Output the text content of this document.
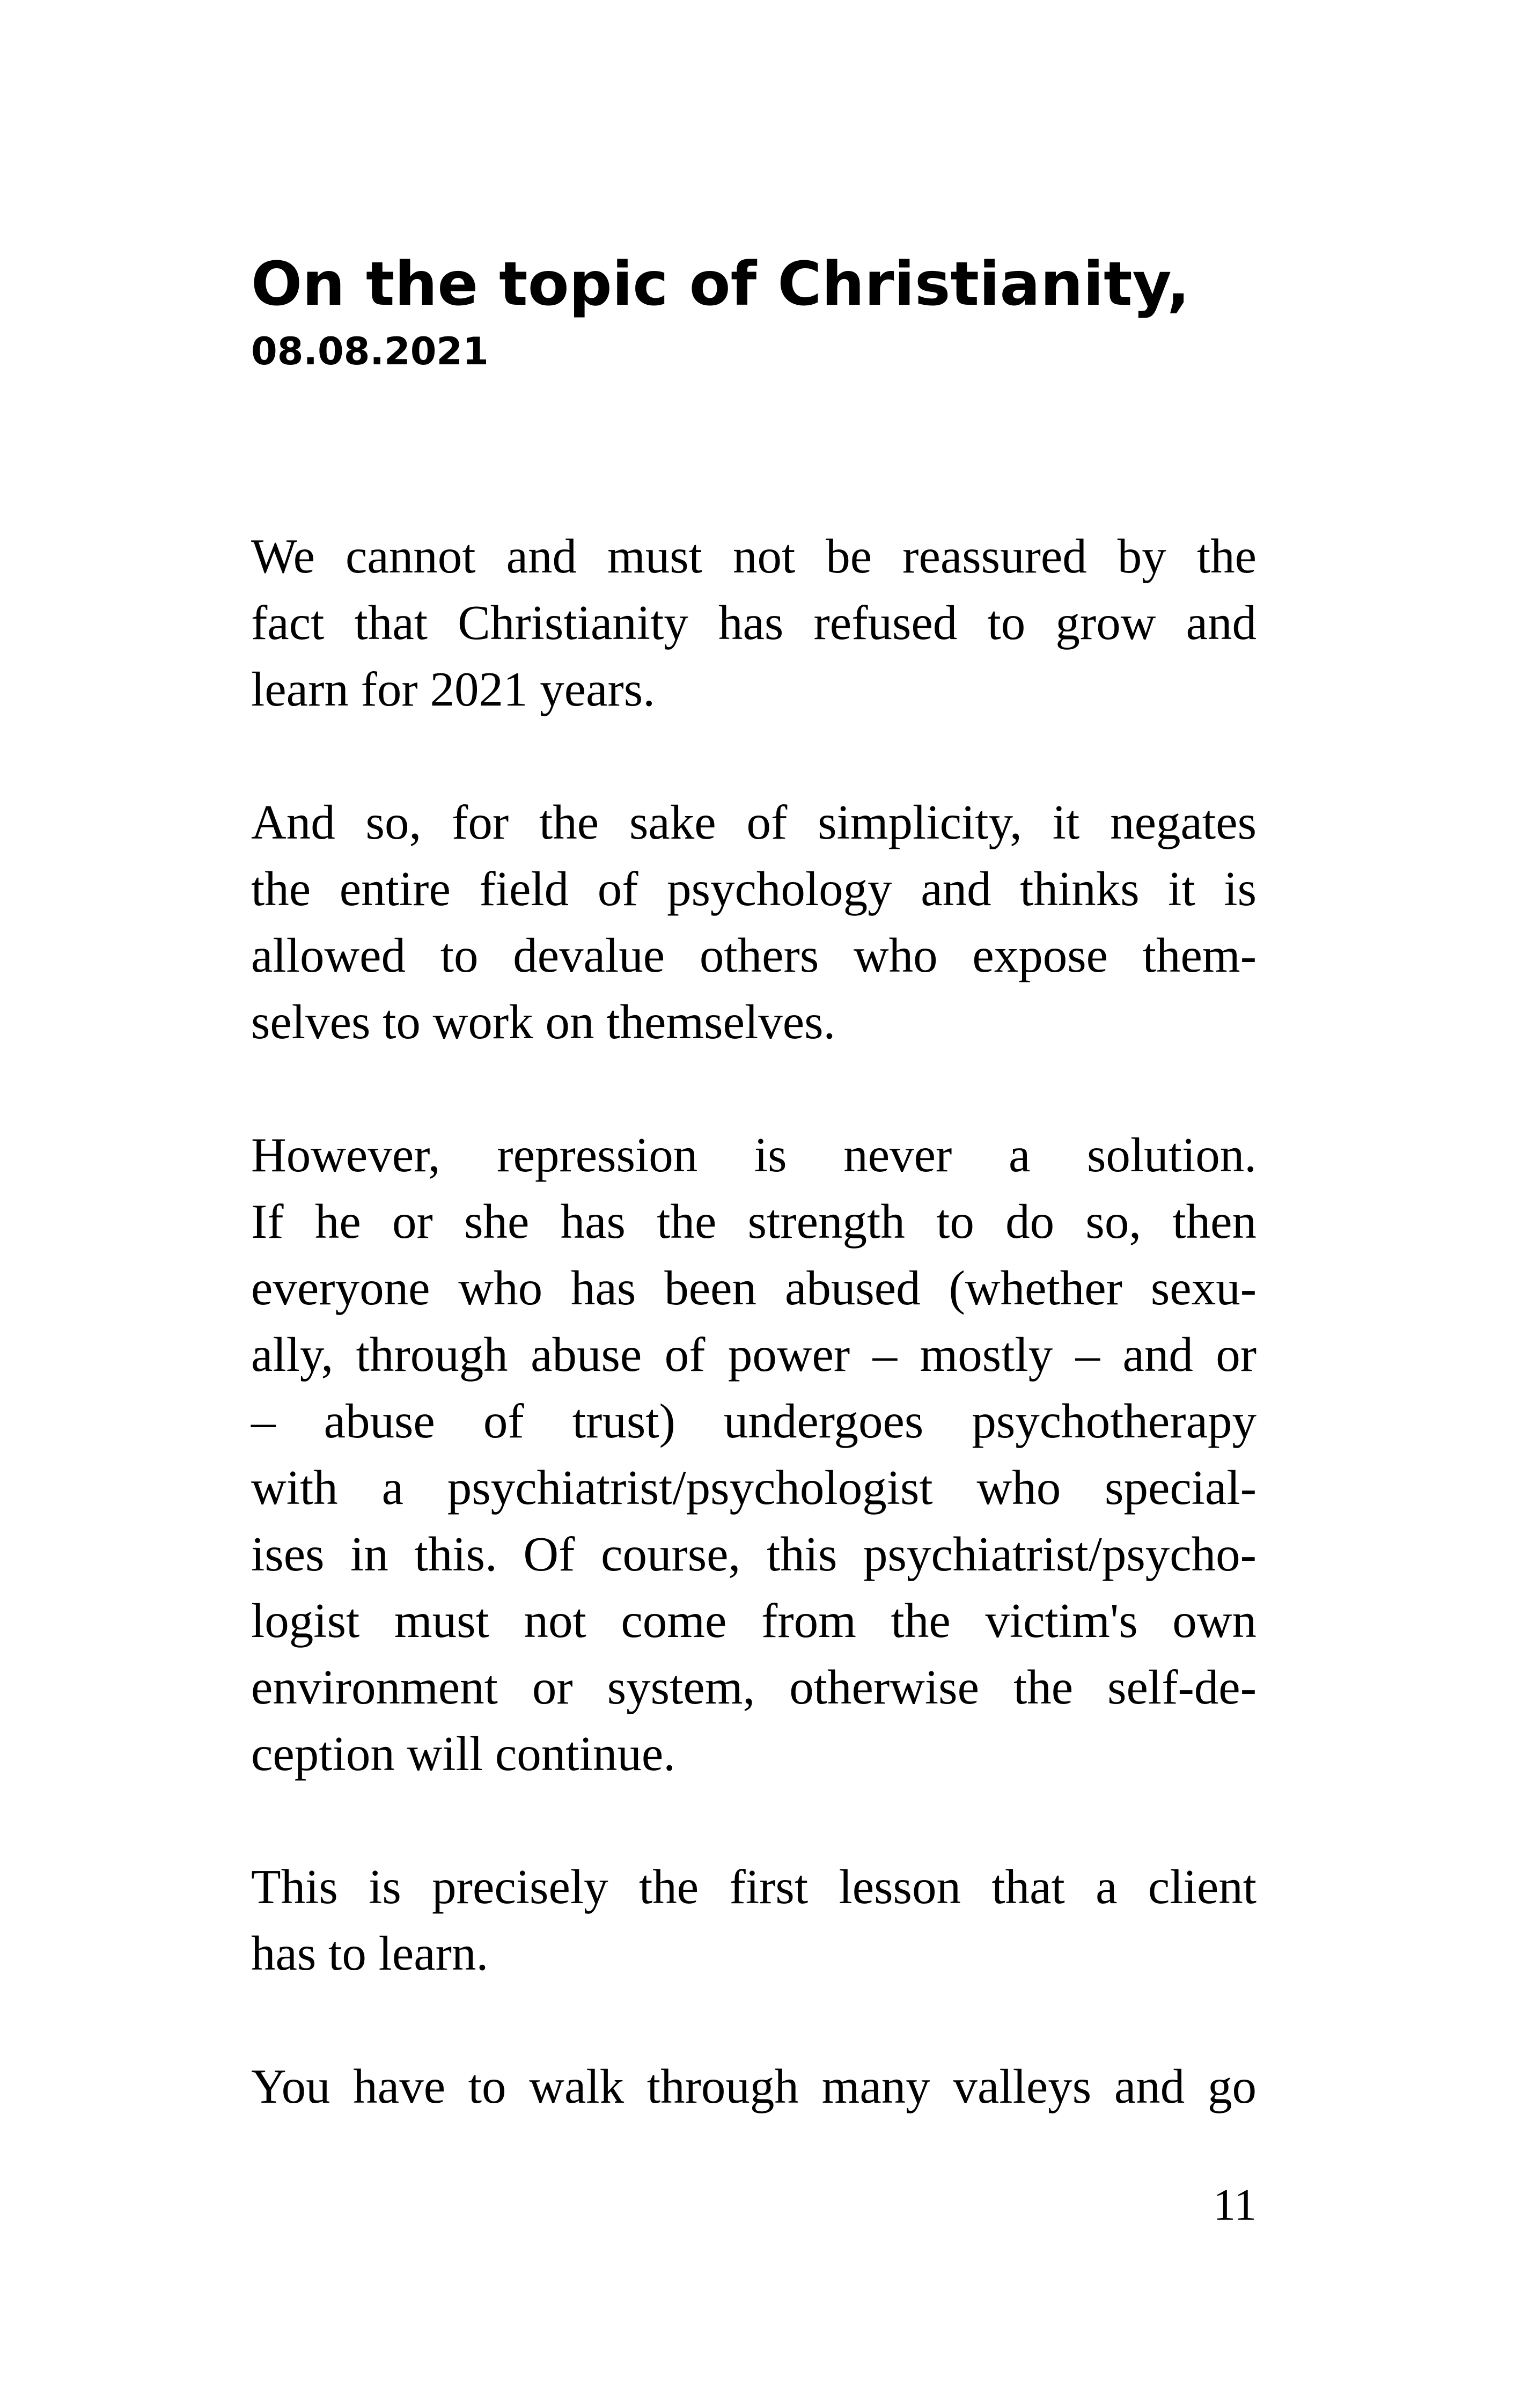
On the topic of Christianity,
08.08.2021

We cannot and must not be reassured by the
fact that Christianity has refused to grow and
learn for 2021 years.

And so, for the sake of simplicity, it negates
the entire field of psychology and thinks it is
allowed to devalue others who expose them-
selves to work on themselves.

However, repression is never a solution.
If he or she has the strength to do so, then
everyone who has been abused (whether sexu-
ally, through abuse of power – mostly – and or
– abuse of trust) undergoes psychotherapy
with a psychiatrist/psychologist who special-
ises in this. Of course, this psychiatrist/psycho-
logist must not come from the victim's own
environment or system, otherwise the self-de-
ception will continue.

This is precisely the first lesson that a client
has to learn.

You have to walk through many valleys and go

11
